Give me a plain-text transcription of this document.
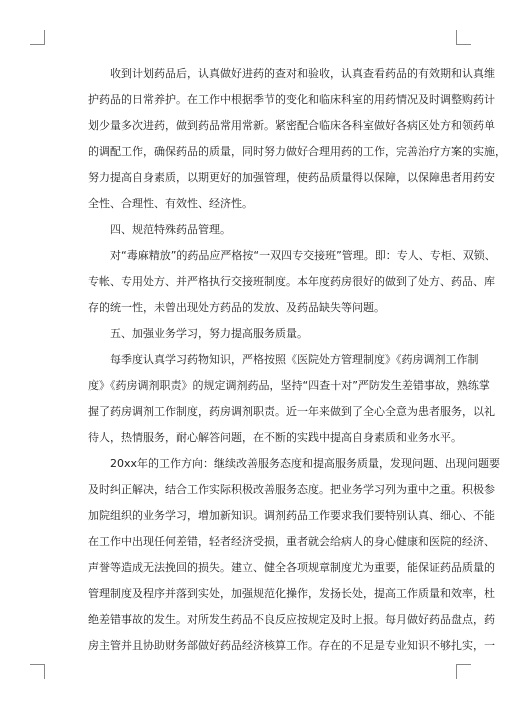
　　收到计划药品后，认真做好进药的查对和验收，认真查看药品的有效期和认真维
护药品的日常养护。在工作中根据季节的变化和临床科室的用药情况及时调整购药计
划少量多次进药，做到药品常用常新。紧密配合临床各科室做好各病区处方和领药单
的调配工作，确保药品的质量，同时努力做好合理用药的工作，完善治疗方案的实施，
努力提高自身素质，以期更好的加强管理，使药品质量得以保障，以保障患者用药安
全性、合理性、有效性、经济性。
　　四、规范特殊药品管理。
　　对“毒麻精放”的药品应严格按“一双四专交接班”管理。即：专人、专柜、双锁、
专帐、专用处方、并严格执行交接班制度。本年度药房很好的做到了处方、药品、库
存的统一性，未曾出现处方药品的发放、及药品缺失等问题。
　　五、加强业务学习，努力提高服务质量。
　　每季度认真学习药物知识，严格按照《医院处方管理制度》《药房调剂工作制
度》《药房调剂职责》的规定调剂药品，坚持“四查十对”严防发生差错事故，熟练掌
握了药房调剂工作制度，药房调剂职责。近一年来做到了全心全意为患者服务，以礼
待人，热情服务，耐心解答问题，在不断的实践中提高自身素质和业务水平。
　　20xx年的工作方向：继续改善服务态度和提高服务质量，发现问题、出现问题要
及时纠正解决，结合工作实际积极改善服务态度。把业务学习列为重中之重。积极参
加院组织的业务学习，增加新知识。调剂药品工作要求我们要特别认真、细心、不能
在工作中出现任何差错，轻者经济受损，重者就会给病人的身心健康和医院的经济、
声誉等造成无法挽回的损失。建立、健全各项规章制度尤为重要，能保证药品质量的
管理制度及程序并落到实处，加强规范化操作，发扬长处，提高工作质量和效率，杜
绝差错事故的发生。对所发生药品不良反应按规定及时上报。每月做好药品盘点，药
房主管并且协助财务部做好药品经济核算工作。存在的不足是专业知识不够扎实，一
